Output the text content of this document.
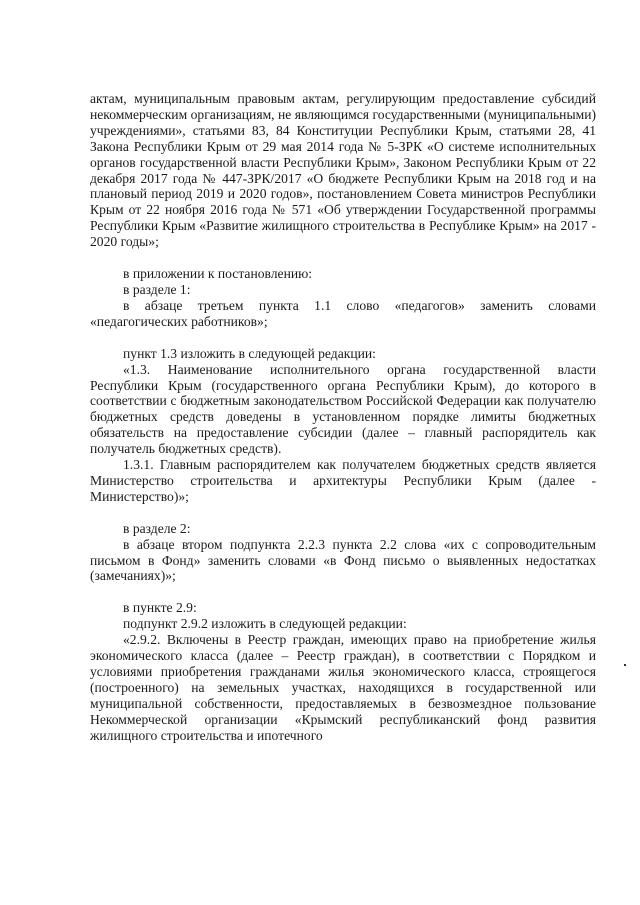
актам, муниципальным правовым актам, регулирующим предоставление субсидий некоммерческим организациям, не являющимся государственными (муниципальными) учреждениями», статьями 83, 84 Конституции Республики Крым, статьями 28, 41 Закона Республики Крым от 29 мая 2014 года № 5-ЗРК «О системе исполнительных органов государственной власти Республики Крым», Законом Республики Крым от 22 декабря 2017 года № 447-ЗРК/2017 «О бюджете Республики Крым на 2018 год и на плановый период 2019 и 2020 годов», постановлением Совета министров Республики Крым от 22 ноября 2016 года № 571 «Об утверждении Государственной программы Республики Крым «Развитие жилищного строительства в Республике Крым» на 2017 - 2020 годы»;

в приложении к постановлению:

в разделе 1:

в абзаце третьем пункта 1.1 слово «педагогов» заменить словами «педагогических работников»;

пункт 1.3 изложить в следующей редакции:

«1.3. Наименование исполнительного органа государственной власти Республики Крым (государственного органа Республики Крым), до которого в соответствии с бюджетным законодательством Российской Федерации как получателю бюджетных средств доведены в установленном порядке лимиты бюджетных обязательств на предоставление субсидии (далее – главный распорядитель как получатель бюджетных средств).

1.3.1. Главным распорядителем как получателем бюджетных средств является Министерство строительства и архитектуры Республики Крым (далее - Министерство)»;

в разделе 2:

в абзаце втором подпункта 2.2.3 пункта 2.2 слова «их с сопроводительным письмом в Фонд» заменить словами «в Фонд письмо о выявленных недостатках (замечаниях)»;

в пункте 2.9:

подпункт 2.9.2 изложить в следующей редакции:

«2.9.2. Включены в Реестр граждан, имеющих право на приобретение жилья экономического класса (далее – Реестр граждан), в соответствии с Порядком и условиями приобретения гражданами жилья экономического класса, строящегося (построенного) на земельных участках, находящихся в государственной или муниципальной собственности, предоставляемых в безвозмездное пользование Некоммерческой организации «Крымский республиканский фонд развития жилищного строительства и ипотечного
